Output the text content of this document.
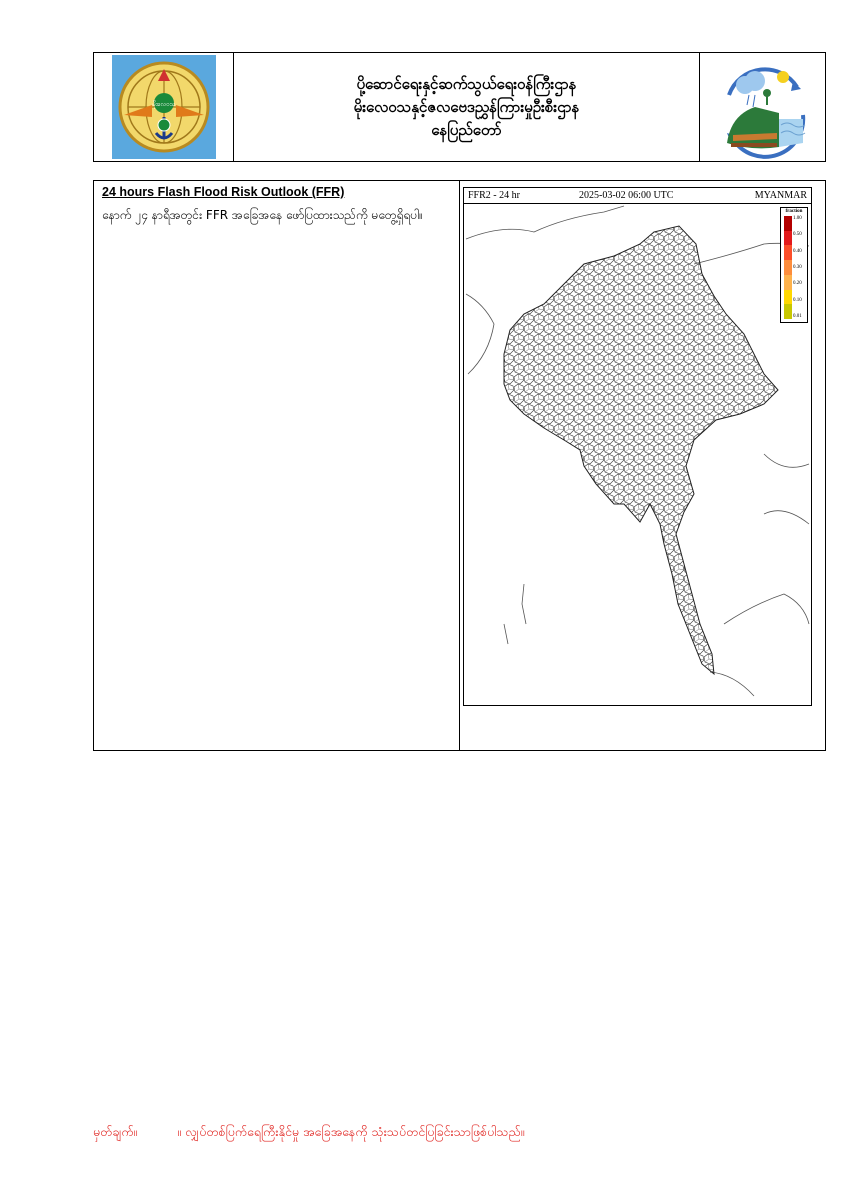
မိုးလေဝသ
ပို့ဆောင်ရေးနှင့်ဆက်သွယ်ရေးဝန်ကြီးဌာန
မိုးလေဝသနှင့်ဇလဗေဒညွှန်ကြားမှုဦးစီးဌာန
နေပြည်တော်
24 hours Flash Flood Risk Outlook (FFR)

နောက် ၂၄ နာရီအတွင်း FFR အခြေအနေ ဖော်ပြထားသည်ကို မတွေ့ရှိရပါ။

FFR2 - 24 hr	2025-03-02 06:00 UTC	MYANMAR
fraction
1.00
0.50
0.40
0.30
0.20
0.10
0.01
မှတ်ချက်။	။ လျှပ်တစ်ပြက်ရေကြီးနိုင်မှု အခြေအနေကို သုံးသပ်တင်ပြခြင်းသာဖြစ်ပါသည်။
